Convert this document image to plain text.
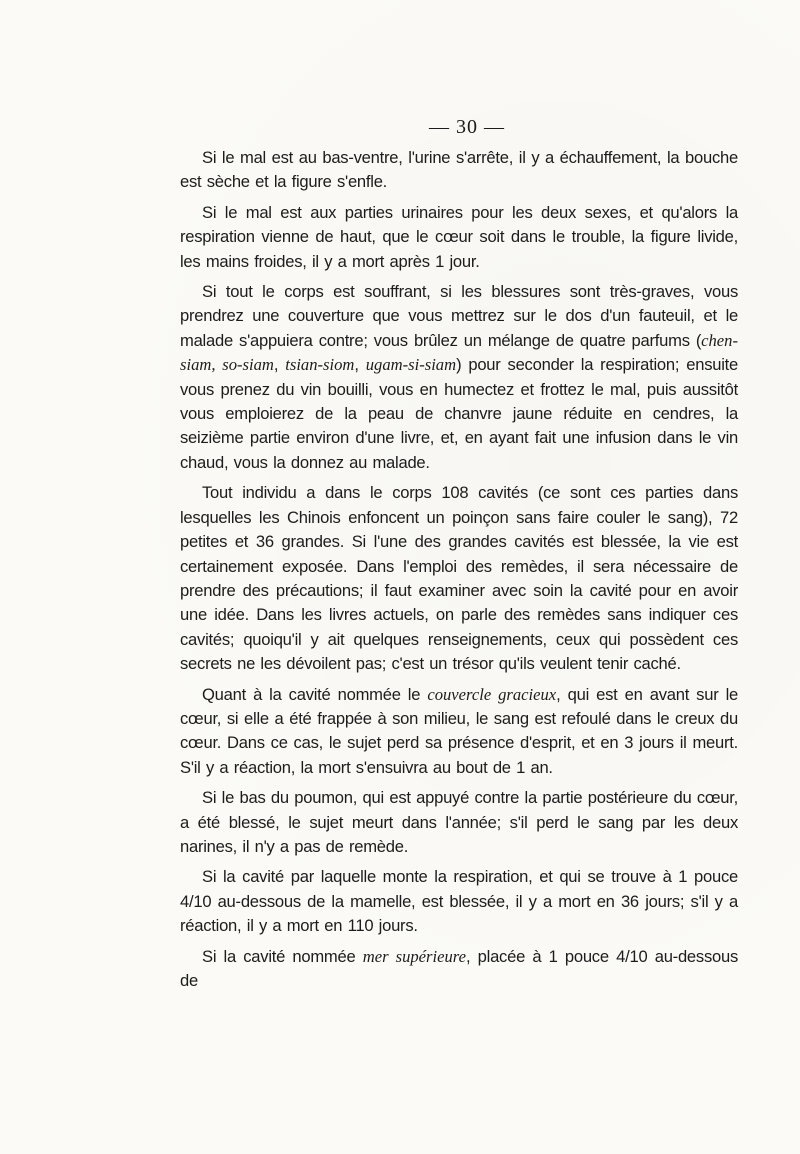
— 30 —

Si le mal est au bas-ventre, l'urine s'arrête, il y a échauffement, la bouche est sèche et la figure s'enfle.

Si le mal est aux parties urinaires pour les deux sexes, et qu'alors la respiration vienne de haut, que le cœur soit dans le trouble, la figure livide, les mains froides, il y a mort après 1 jour.

Si tout le corps est souffrant, si les blessures sont très-graves, vous prendrez une couverture que vous mettrez sur le dos d'un fauteuil, et le malade s'appuiera contre; vous brûlez un mélange de quatre parfums (chen-siam, so-siam, tsian-siom, ugam-si-siam) pour seconder la respiration; ensuite vous prenez du vin bouilli, vous en humectez et frottez le mal, puis aussitôt vous emploierez de la peau de chanvre jaune réduite en cendres, la seizième partie environ d'une livre, et, en ayant fait une infusion dans le vin chaud, vous la donnez au malade.

Tout individu a dans le corps 108 cavités (ce sont ces parties dans lesquelles les Chinois enfoncent un poinçon sans faire couler le sang), 72 petites et 36 grandes. Si l'une des grandes cavités est blessée, la vie est certainement exposée. Dans l'emploi des remèdes, il sera nécessaire de prendre des précautions; il faut examiner avec soin la cavité pour en avoir une idée. Dans les livres actuels, on parle des remèdes sans indiquer ces cavités; quoiqu'il y ait quelques renseignements, ceux qui possèdent ces secrets ne les dévoilent pas; c'est un trésor qu'ils veulent tenir caché.

Quant à la cavité nommée le couvercle gracieux, qui est en avant sur le cœur, si elle a été frappée à son milieu, le sang est refoulé dans le creux du cœur. Dans ce cas, le sujet perd sa présence d'esprit, et en 3 jours il meurt. S'il y a réaction, la mort s'ensuivra au bout de 1 an.

Si le bas du poumon, qui est appuyé contre la partie postérieure du cœur, a été blessé, le sujet meurt dans l'année; s'il perd le sang par les deux narines, il n'y a pas de remède.

Si la cavité par laquelle monte la respiration, et qui se trouve à 1 pouce 4/10 au-dessous de la mamelle, est blessée, il y a mort en 36 jours; s'il y a réaction, il y a mort en 110 jours.

Si la cavité nommée mer supérieure, placée à 1 pouce 4/10 au-dessous de
